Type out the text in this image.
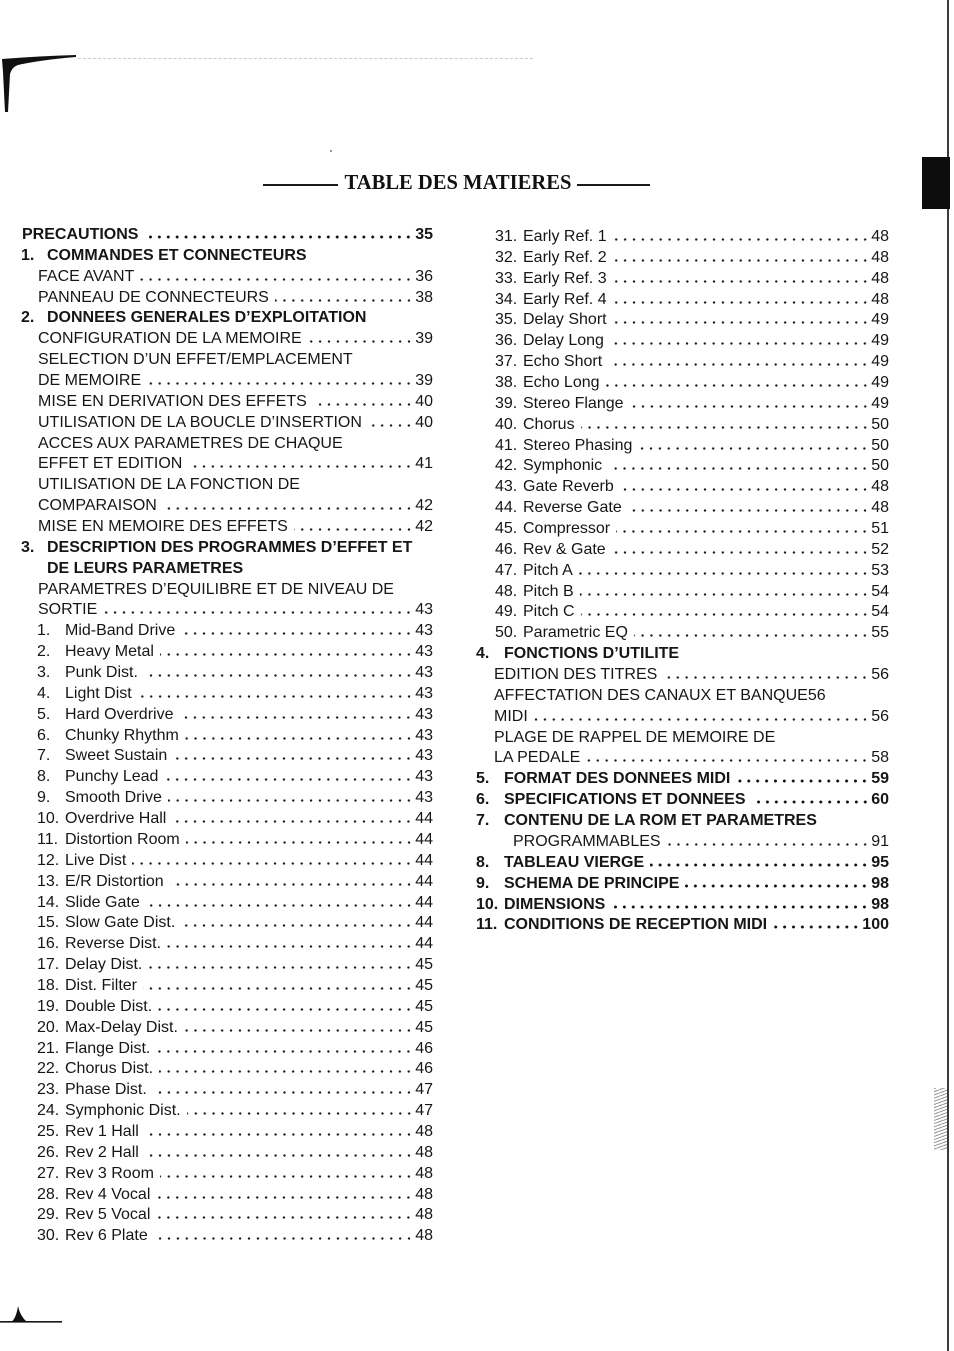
TABLE DES MATIERES
PRECAUTIONS	35
1. COMMANDES ET CONNECTEURS
FACE AVANT	36
PANNEAU DE CONNECTEURS	38
2. DONNEES GENERALES D’EXPLOITATION
CONFIGURATION DE LA MEMOIRE	39
SELECTION D’UN EFFET/EMPLACEMENT
DE MEMOIRE	39
MISE EN DERIVATION DES EFFETS	40
UTILISATION DE LA BOUCLE D’INSERTION	40
ACCES AUX PARAMETRES DE CHAQUE
EFFET ET EDITION	41
UTILISATION DE LA FONCTION DE
COMPARAISON	42
MISE EN MEMOIRE DES EFFETS	42
3. DESCRIPTION DES PROGRAMMES D’EFFET ET
DE LEURS PARAMETRES
PARAMETRES D’EQUILIBRE ET DE NIVEAU DE
SORTIE	43
1. Mid-Band Drive	43
2. Heavy Metal	43
3. Punk Dist.	43
4. Light Dist	43
5. Hard Overdrive	43
6. Chunky Rhythm	43
7. Sweet Sustain	43
8. Punchy Lead	43
9. Smooth Drive	43
10. Overdrive Hall	44
11. Distortion Room	44
12. Live Dist	44
13. E/R Distortion	44
14. Slide Gate	44
15. Slow Gate Dist.	44
16. Reverse Dist.	44
17. Delay Dist.	45
18. Dist. Filter	45
19. Double Dist.	45
20. Max-Delay Dist.	45
21. Flange Dist.	46
22. Chorus Dist.	46
23. Phase Dist.	47
24. Symphonic Dist.	47
25. Rev 1 Hall	48
26. Rev 2 Hall	48
27. Rev 3 Room	48
28. Rev 4 Vocal	48
29. Rev 5 Vocal	48
30. Rev 6 Plate	48
31. Early Ref. 1	48
32. Early Ref. 2	48
33. Early Ref. 3	48
34. Early Ref. 4	48
35. Delay Short	49
36. Delay Long	49
37. Echo Short	49
38. Echo Long	49
39. Stereo Flange	49
40. Chorus	50
41. Stereo Phasing	50
42. Symphonic	50
43. Gate Reverb	48
44. Reverse Gate	48
45. Compressor	51
46. Rev & Gate	52
47. Pitch A	53
48. Pitch B	54
49. Pitch C	54
50. Parametric EQ	55
4. FONCTIONS D’UTILITE
EDITION DES TITRES	56
AFFECTATION DES CANAUX ET BANQUE56
MIDI	56
PLAGE DE RAPPEL DE MEMOIRE DE
LA PEDALE	58
5. FORMAT DES DONNEES MIDI	59
6. SPECIFICATIONS ET DONNEES	60
7. CONTENU DE LA ROM ET PARAMETRES
PROGRAMMABLES	91
8. TABLEAU VIERGE	95
9. SCHEMA DE PRINCIPE	98
10. DIMENSIONS	98
11. CONDITIONS DE RECEPTION MIDI	100
